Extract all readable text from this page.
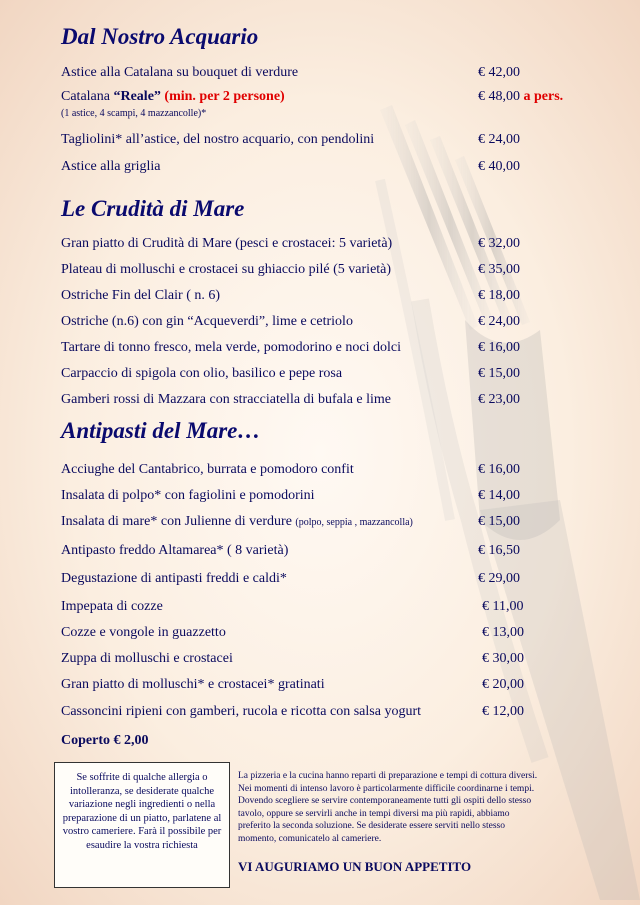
Dal Nostro Acquario
Astice alla Catalana su bouquet di verdure	€ 42,00
Catalana “Reale” (min. per 2 persone)	€ 48,00 a pers.
(1 astice, 4 scampi, 4 mazzancolle)*
Tagliolini* all’astice, del nostro acquario, con pendolini	€ 24,00
Astice alla griglia	€ 40,00
Le Crudità di Mare
Gran piatto di Crudità di Mare (pesci e crostacei: 5 varietà)	€ 32,00
Plateau di molluschi e crostacei su ghiaccio pilé (5 varietà)	€ 35,00
Ostriche Fin del Clair ( n. 6)	€ 18,00
Ostriche (n.6) con gin “Acqueverdi”, lime e cetriolo	€ 24,00
Tartare di tonno fresco, mela verde, pomodorino e noci dolci	€ 16,00
Carpaccio di spigola con olio, basilico e pepe rosa	€ 15,00
Gamberi rossi di Mazzara con stracciatella di bufala e lime	€ 23,00
Antipasti del Mare…
Acciughe del Cantabrico, burrata e pomodoro confit	€ 16,00
Insalata di polpo* con fagiolini e pomodorini	€ 14,00
Insalata di mare* con Julienne di verdure (polpo, seppia , mazzancolla)	€ 15,00
Antipasto freddo Altamarea* ( 8 varietà)	€ 16,50
Degustazione di antipasti freddi e caldi*	€ 29,00
Impepata di cozze	€ 11,00
Cozze e vongole in guazzetto	€ 13,00
Zuppa di molluschi e crostacei	€ 30,00
Gran piatto di molluschi* e crostacei* gratinati	€ 20,00
Cassoncini ripieni con gamberi, rucola e ricotta con salsa yogurt	€ 12,00
Coperto € 2,00
Se soffrite di qualche allergia o intolleranza, se desiderate qualche variazione negli ingredienti o nella preparazione di un piatto, parlatene al vostro cameriere. Farà il possibile per esaudire la vostra richiesta
La pizzeria e la cucina hanno reparti di preparazione e tempi di cottura diversi. Nei momenti di intenso lavoro è particolarmente difficile coordinarne i tempi. Dovendo scegliere se servire contemporaneamente tutti gli ospiti dello stesso tavolo, oppure se servirli anche in tempi diversi ma più rapidi, abbiamo preferito la seconda soluzione. Se desiderate essere serviti nello stesso momento, comunicatelo al cameriere.
VI AUGURIAMO UN BUON APPETITO
